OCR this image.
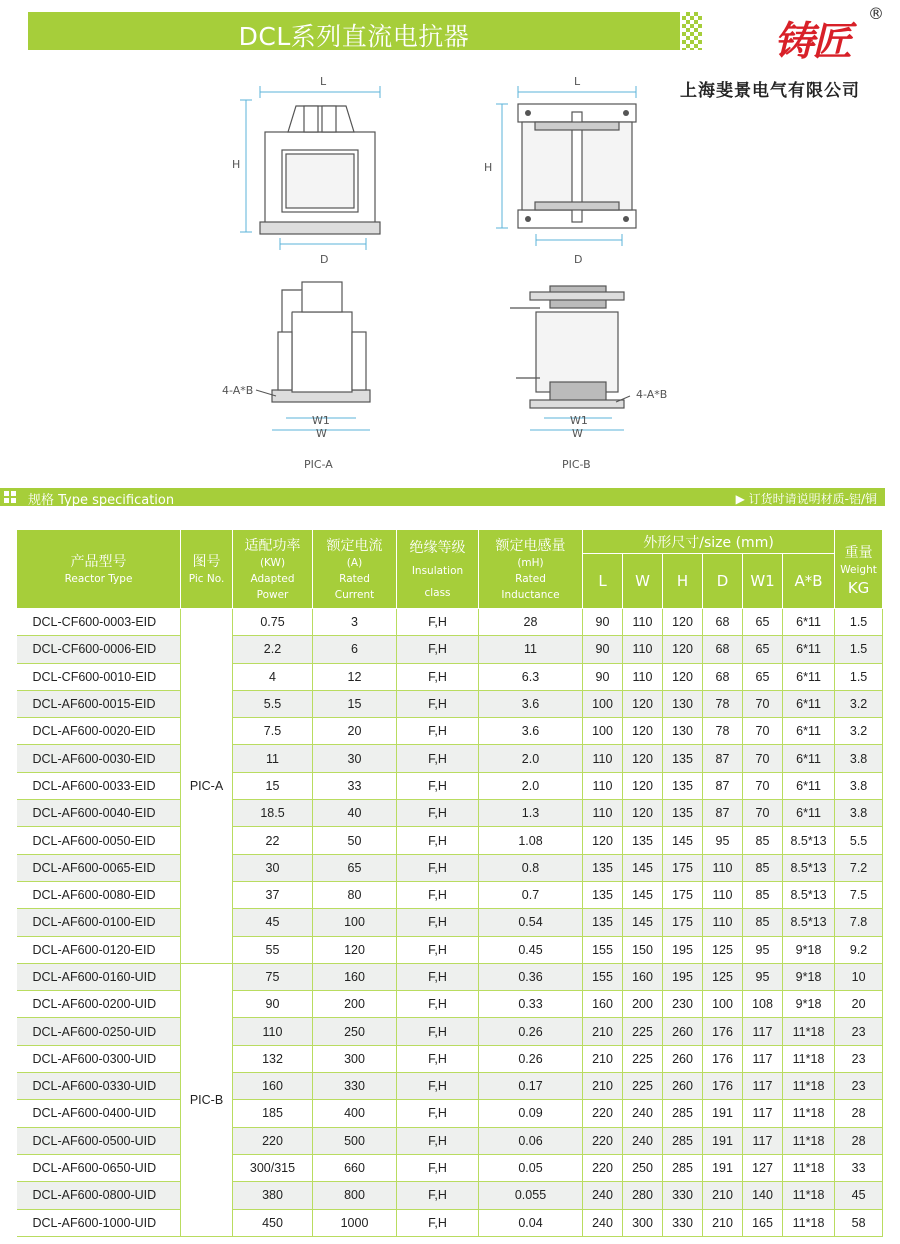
DCL系列直流电抗器	铸匠
®
上海斐景电气有限公司
L
H
D
L
H
D
4-A*B
W1
W
PIC-A
4-A*B
W1
W
PIC-B
规格 Type specification	▶ 订货时请说明材质-铝/铜
产品型号
Reactor Type	图号
Pic No.	适配功率
(KW)
Adapted
Power	额定电流
(A)
Rated
Current	绝缘等级
Insulation
class	额定电感量
(mH)
Rated
Inductance	外形尺寸/size (mm)						重量
Weight
KG
						L	W	H	D	W1	A*B	
DCL-CF600-0003-EID	PIC-A	0.75	3	F,H	28	90	110	120	68	65	6*11	1.5
DCL-CF600-0006-EID		2.2	6	F,H	11	90	110	120	68	65	6*11	1.5
DCL-CF600-0010-EID		4	12	F,H	6.3	90	110	120	68	65	6*11	1.5
DCL-AF600-0015-EID		5.5	15	F,H	3.6	100	120	130	78	70	6*11	3.2
DCL-AF600-0020-EID		7.5	20	F,H	3.6	100	120	130	78	70	6*11	3.2
DCL-AF600-0030-EID		11	30	F,H	2.0	110	120	135	87	70	6*11	3.8
DCL-AF600-0033-EID		15	33	F,H	2.0	110	120	135	87	70	6*11	3.8
DCL-AF600-0040-EID		18.5	40	F,H	1.3	110	120	135	87	70	6*11	3.8
DCL-AF600-0050-EID		22	50	F,H	1.08	120	135	145	95	85	8.5*13	5.5
DCL-AF600-0065-EID		30	65	F,H	0.8	135	145	175	110	85	8.5*13	7.2
DCL-AF600-0080-EID		37	80	F,H	0.7	135	145	175	110	85	8.5*13	7.5
DCL-AF600-0100-EID		45	100	F,H	0.54	135	145	175	110	85	8.5*13	7.8
DCL-AF600-0120-EID		55	120	F,H	0.45	155	150	195	125	95	9*18	9.2
DCL-AF600-0160-UID	PIC-B	75	160	F,H	0.36	155	160	195	125	95	9*18	10
DCL-AF600-0200-UID		90	200	F,H	0.33	160	200	230	100	108	9*18	20
DCL-AF600-0250-UID		110	250	F,H	0.26	210	225	260	176	117	11*18	23
DCL-AF600-0300-UID		132	300	F,H	0.26	210	225	260	176	117	11*18	23
DCL-AF600-0330-UID		160	330	F,H	0.17	210	225	260	176	117	11*18	23
DCL-AF600-0400-UID		185	400	F,H	0.09	220	240	285	191	117	11*18	28
DCL-AF600-0500-UID		220	500	F,H	0.06	220	240	285	191	117	11*18	28
DCL-AF600-0650-UID		300/315	660	F,H	0.05	220	250	285	191	127	11*18	33
DCL-AF600-0800-UID		380	800	F,H	0.055	240	280	330	210	140	11*18	45
DCL-AF600-1000-UID		450	1000	F,H	0.04	240	300	330	210	165	11*18	58
